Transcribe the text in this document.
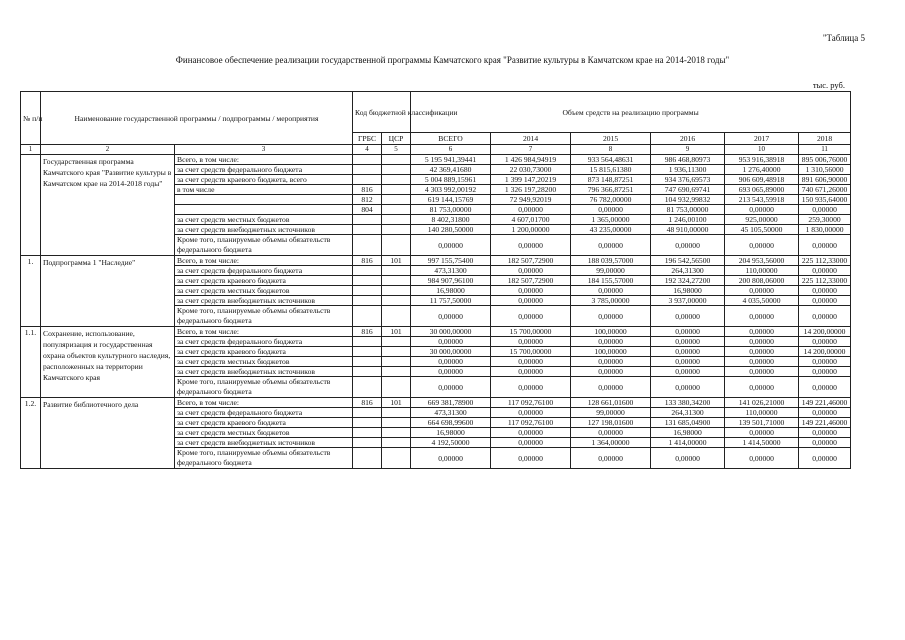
"Таблица 5
Финансовое обеспечение реализации государственной программы Камчатского края "Развитие культуры в Камчатском крае на 2014-2018 годы"
тыс. руб.
№ п/п	Наименование государственной программы / подпрограммы / мероприятия		Код бюджетной классификации		Объем средств на реализацию программы					
			ГРБС	ЦСР	ВСЕГО	2014	2015	2016	2017	2018
1	2	3	4	5	6	7	8	9	10	11
	Государственная программа Камчатского края "Развитие культуры в Камчатском крае на 2014-2018 годы"	Всего, в том числе:			5 195 941,39441	1 426 984,94919	933 564,48631	986 468,80973	953 916,38918	895 006,76000
		за счет средств федерального бюджета			42 369,41680	22 030,73000	15 815,61380	1 936,11300	1 276,40000	1 310,56000
		за счет средств краевого бюджета, всего			5 004 889,15961	1 399 147,20219	873 148,87251	934 376,69573	906 609,48918	891 606,90000
		в том числе	816		4 303 992,00192	1 326 197,28200	796 366,87251	747 690,69741	693 065,89000	740 671,26000
			812		619 144,15769	72 949,92019	76 782,00000	104 932,99832	213 543,59918	150 935,64000
			804		81 753,00000	0,00000	0,00000	81 753,00000	0,00000	0,00000
		за счет средств местных бюджетов			8 402,31800	4 607,01700	1 365,00000	1 246,00100	925,00000	259,30000
		за счет средств внебюджетных источников			140 280,50000	1 200,00000	43 235,00000	48 910,00000	45 105,50000	1 830,00000
		Кроме того, планируемые объемы обязательств федерального бюджета			0,00000	0,00000	0,00000	0,00000	0,00000	0,00000
1.	Подпрограмма 1 "Наследие"	Всего, в том числе:	816	101	997 155,75400	182 507,72900	188 039,57000	196 542,56500	204 953,56000	225 112,33000
		за счет средств федерального бюджета			473,31300	0,00000	99,00000	264,31300	110,00000	0,00000
		за счет средств краевого бюджета			984 907,96100	182 507,72900	184 155,57000	192 324,27200	200 808,06000	225 112,33000
		за счет средств местных бюджетов			16,98000	0,00000	0,00000	16,98000	0,00000	0,00000
		за счет средств внебюджетных источников			11 757,50000	0,00000	3 785,00000	3 937,00000	4 035,50000	0,00000
		Кроме того, планируемые объемы обязательств федерального бюджета			0,00000	0,00000	0,00000	0,00000	0,00000	0,00000
1.1.	Сохранение, использование, популяризация и государственная охрана объектов культурного наследия, расположенных на территории Камчатского края	Всего, в том числе:	816	101	30 000,00000	15 700,00000	100,00000	0,00000	0,00000	14 200,00000
		за счет средств федерального бюджета			0,00000	0,00000	0,00000	0,00000	0,00000	0,00000
		за счет средств краевого бюджета			30 000,00000	15 700,00000	100,00000	0,00000	0,00000	14 200,00000
		за счет средств местных бюджетов			0,00000	0,00000	0,00000	0,00000	0,00000	0,00000
		за счет средств внебюджетных источников			0,00000	0,00000	0,00000	0,00000	0,00000	0,00000
		Кроме того, планируемые объемы обязательств федерального бюджета			0,00000	0,00000	0,00000	0,00000	0,00000	0,00000
1.2.	Развитие библиотечного дела	Всего, в том числе:	816	101	669 381,78900	117 092,76100	128 661,01600	133 380,34200	141 026,21000	149 221,46000
		за счет средств федерального бюджета			473,31300	0,00000	99,00000	264,31300	110,00000	0,00000
		за счет средств краевого бюджета			664 698,99600	117 092,76100	127 198,01600	131 685,04900	139 501,71000	149 221,46000
		за счет средств местных бюджетов			16,98000	0,00000	0,00000	16,98000	0,00000	0,00000
		за счет средств внебюджетных источников			4 192,50000	0,00000	1 364,00000	1 414,00000	1 414,50000	0,00000
		Кроме того, планируемые объемы обязательств федерального бюджета			0,00000	0,00000	0,00000	0,00000	0,00000	0,00000
